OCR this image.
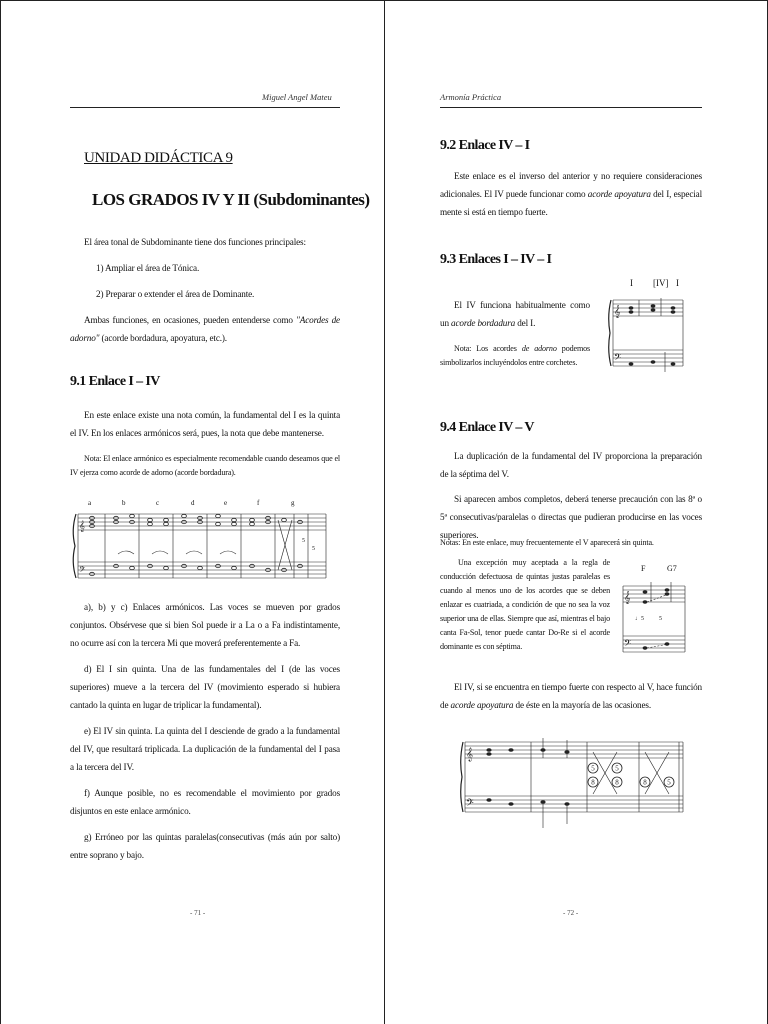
Miguel Angel Mateu
UNIDAD DIDÁCTICA 9
LOS GRADOS IV Y II (Subdominantes)
El área tonal de Subdominante tiene dos funciones principales:
1) Ampliar el área de Tónica.
2) Preparar o extender el área de Dominante.
Ambas funciones, en ocasiones, pueden entenderse como "Acordes de adorno" (acorde bordadura, apoyatura, etc.).
9.1 Enlace I – IV
En este enlace existe una nota común, la fundamental del I es la quinta el IV. En los enlaces armónicos será, pues, la nota que debe mantenerse.
Nota: El enlace armónico es especialmente recomendable cuando deseamos que el IV ejerza como acorde de adorno (acorde bordadura).
a	b	c	d	e	f	g
𝄞
𝄢
5
5
a), b) y c) Enlaces armónicos. Las voces se mueven por grados conjuntos. Obsérvese que si bien Sol puede ir a La o a Fa indistintamente, no ocurre así con la tercera Mi que moverá preferentemente a Fa.
d) El I sin quinta. Una de las fundamentales del I (de las voces superiores) mueve a la tercera del IV (movimiento esperado si hubiera cantado la quinta en lugar de triplicar la fundamental).
e) El IV sin quinta. La quinta del I desciende de grado a la fundamental del IV, que resultará triplicada. La duplicación de la fundamental del I pasa a la tercera del IV.
f) Aunque posible, no es recomendable el movimiento por grados disjuntos en este enlace armónico.
g) Erróneo por las quintas paralelas(consecutivas (más aún por salto) entre soprano y bajo.
- 71 -
Armonía Práctica
9.2 Enlace IV – I
Este enlace es el inverso del anterior y no requiere consideraciones adicionales. El IV puede funcionar como acorde apoyatura del I, especial mente si está en tiempo fuerte.
9.3 Enlaces I – IV – I
El IV funciona habitualmente como un acorde bordadura del I.
Nota: Los acordes de adorno podemos simbolizarlos incluyéndolos entre corchetes.
I [IV] I
𝄞
𝄢
9.4 Enlace IV – V
La duplicación de la fundamental del IV proporciona la preparación de la séptima del V.
Si aparecen ambos completos, deberá tenerse precaución con las 8ª o 5ª consecutivas/paralelas o directas que pudieran producirse en las voces superiores.
Notas: En este enlace, muy frecuentemente el V aparecerá sin quinta.
Una excepción muy aceptada a la regla de conducción defectuosa de quintas justas paralelas es cuando al menos uno de los acordes que se deben enlazar es cuatriada, a condición de que no sea la voz superior una de ellas. Siempre que así, mientras el bajo canta Fa-Sol, tenor puede cantar Do-Re si el acorde dominante es con séptima.
F	G7
𝄞
𝄢
♩5	5
El IV, si se encuentra en tiempo fuerte con respecto al V, hace función de acorde apoyatura de éste en la mayoría de las ocasiones.
𝄞
𝄢
8	8	8
5	5
5
- 72 -
